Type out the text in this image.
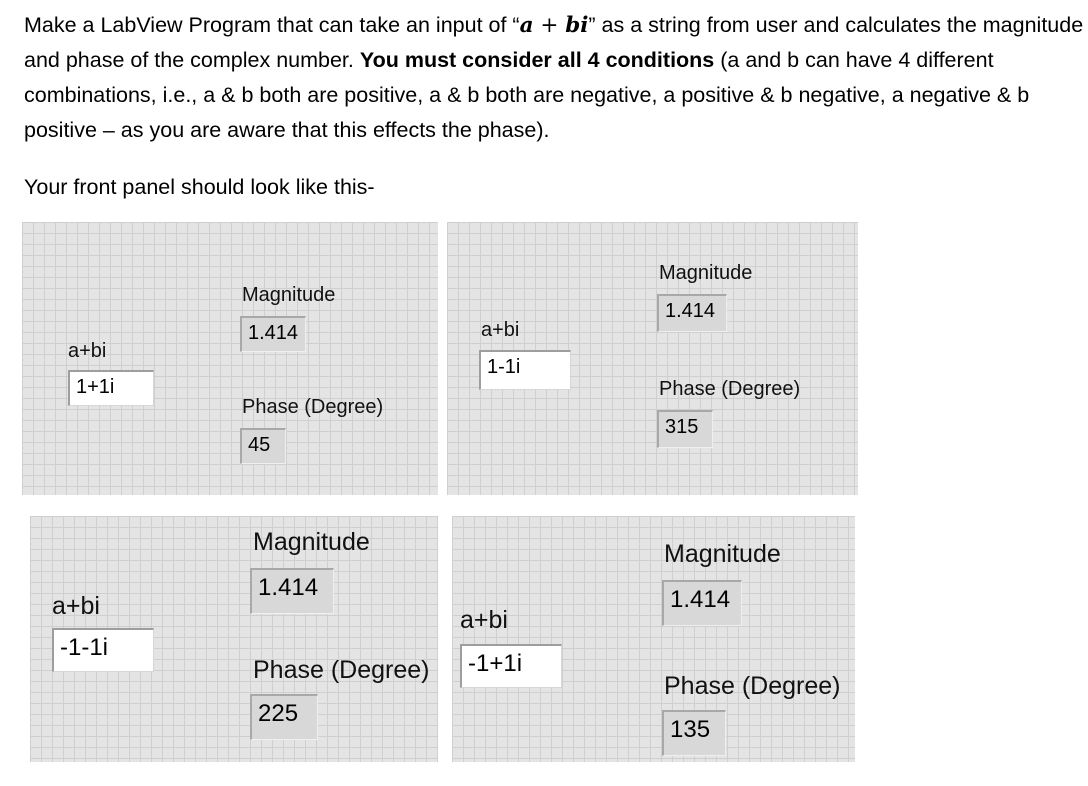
Make a LabView Program that can take an input of “a + bi” as a string from user and calculates the magnitude and phase of the complex number. You must consider all 4 conditions (a and b can have 4 different combinations, i.e., a & b both are positive, a & b both are negative, a positive & b negative, a negative & b positive – as you are aware that this effects the phase).

Your front panel should look like this-
a+bi
1+1i
Magnitude
1.414
Phase (Degree)
45
a+bi
1-1i
Magnitude
1.414
Phase (Degree)
315
a+bi
-1-1i
Magnitude
1.414
Phase (Degree)
225
a+bi
-1+1i
Magnitude
1.414
Phase (Degree)
135
